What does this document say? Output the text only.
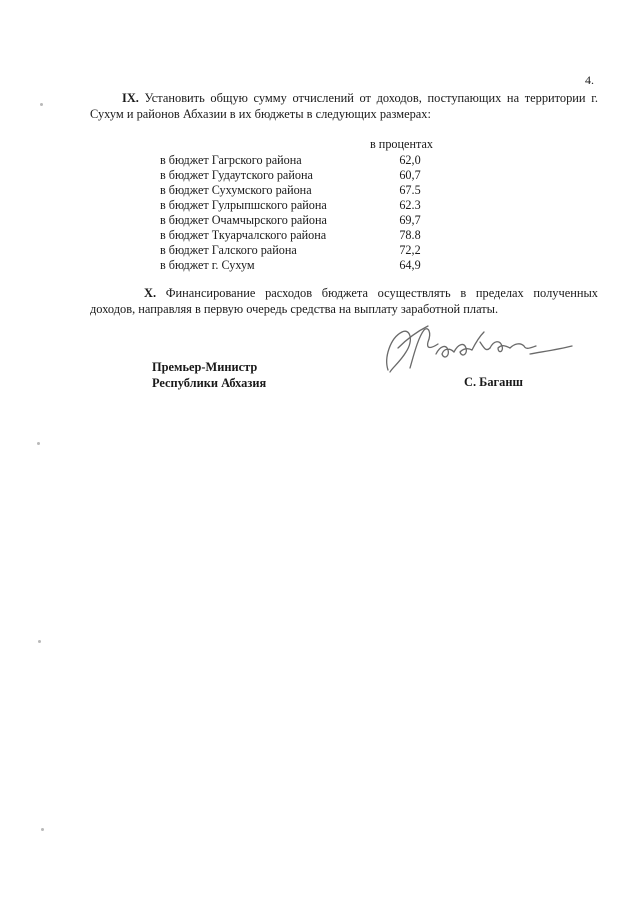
4.

IX. Установить общую сумму отчислений от доходов, поступающих на территории г. Сухум и районов Абхазии в их бюджеты в следующих размерах:

в процентах
в бюджет Гагрского района	62,0
в бюджет Гудаутского района	60,7
в бюджет Сухумского района	67.5
в бюджет Гулрыпшского района	62.3
в бюджет Очамчырского района	69,7
в бюджет Ткуарчалского района	78.8
в бюджет Галского района	72,2
в бюджет г. Сухум	64,9

X. Финансирование расходов бюджета осуществлять в пределах полученных доходов, направляя в первую очередь средства на выплату заработной платы.

Премьер-Министр
Республики Абхазия	С. Бaганш
